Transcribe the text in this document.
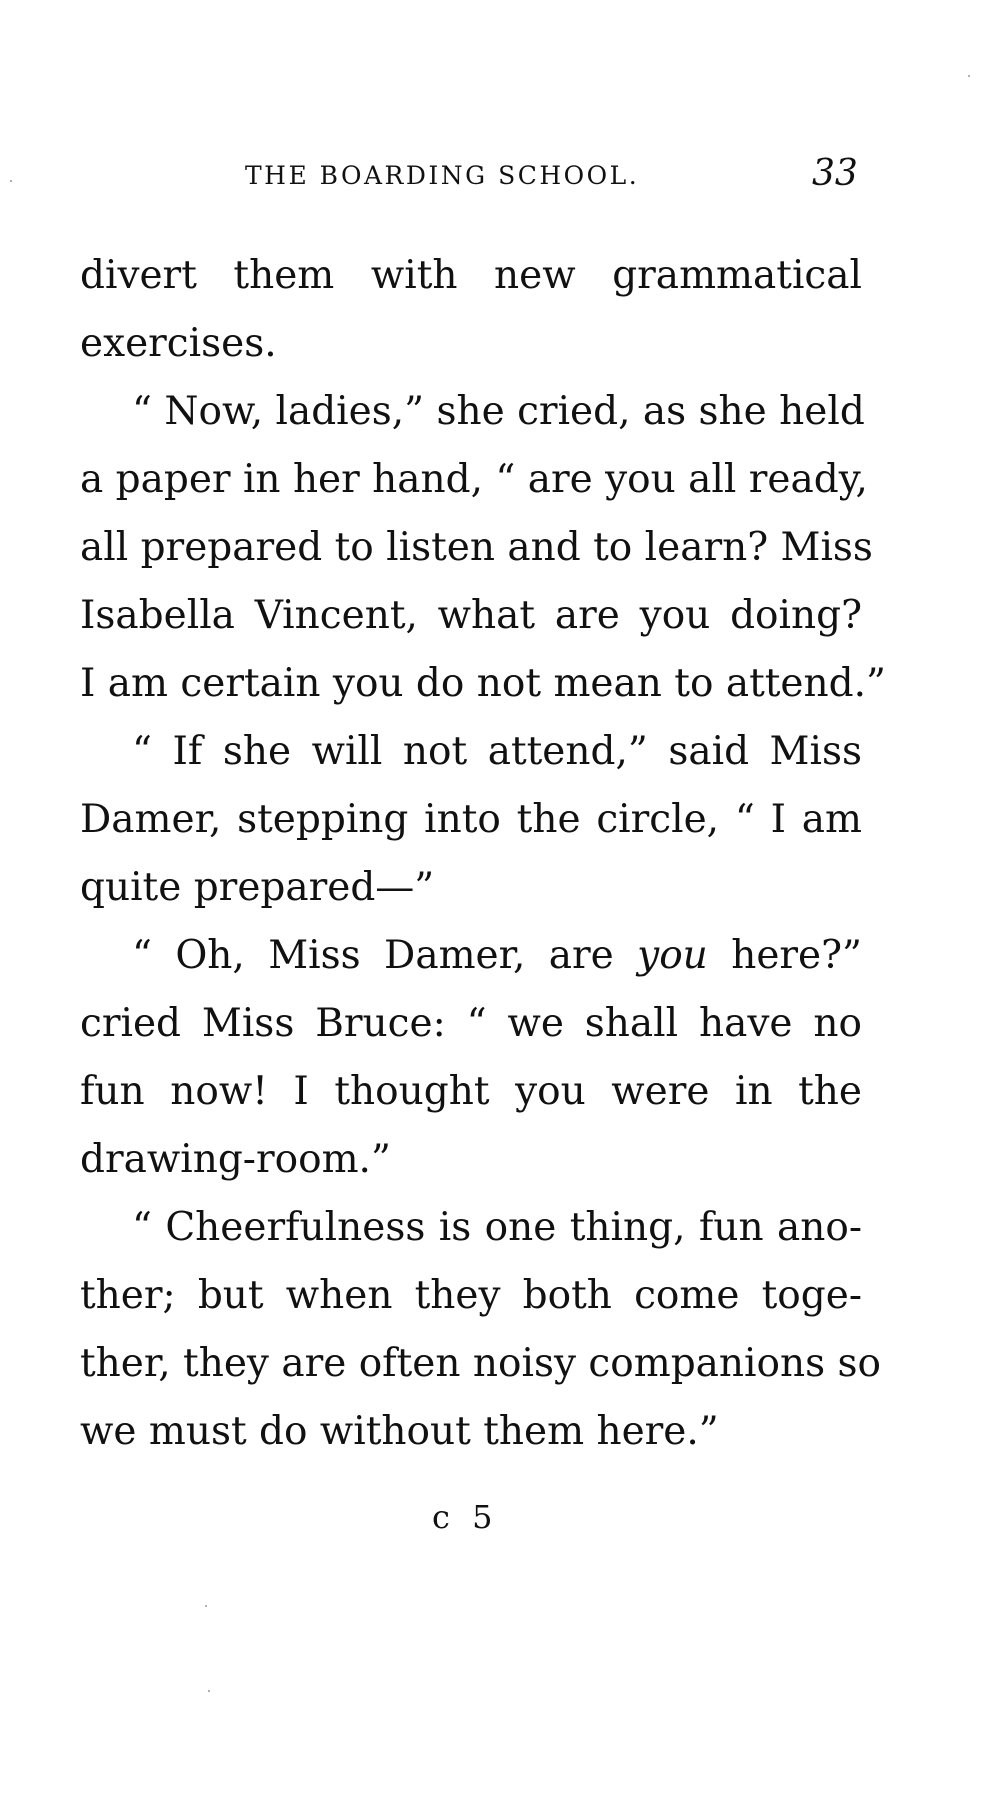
THE BOARDING SCHOOL.	33
divert them with new grammatical
exercises.
“ Now, ladies,” she cried, as she held
a paper in her hand, “ are you all ready,
all prepared to listen and to learn? Miss
Isabella Vincent, what are you doing?
I am certain you do not mean to attend.”
“ If she will not attend,” said Miss
Damer, stepping into the circle, “ I am
quite prepared—”
“ Oh, Miss Damer, are you here?”
cried Miss Bruce: “ we shall have no
fun now! I thought you were in the
drawing-room.”
“ Cheerfulness is one thing, fun ano-
ther; but when they both come toge-
ther, they are often noisy companions so
we must do without them here.”
c 5
